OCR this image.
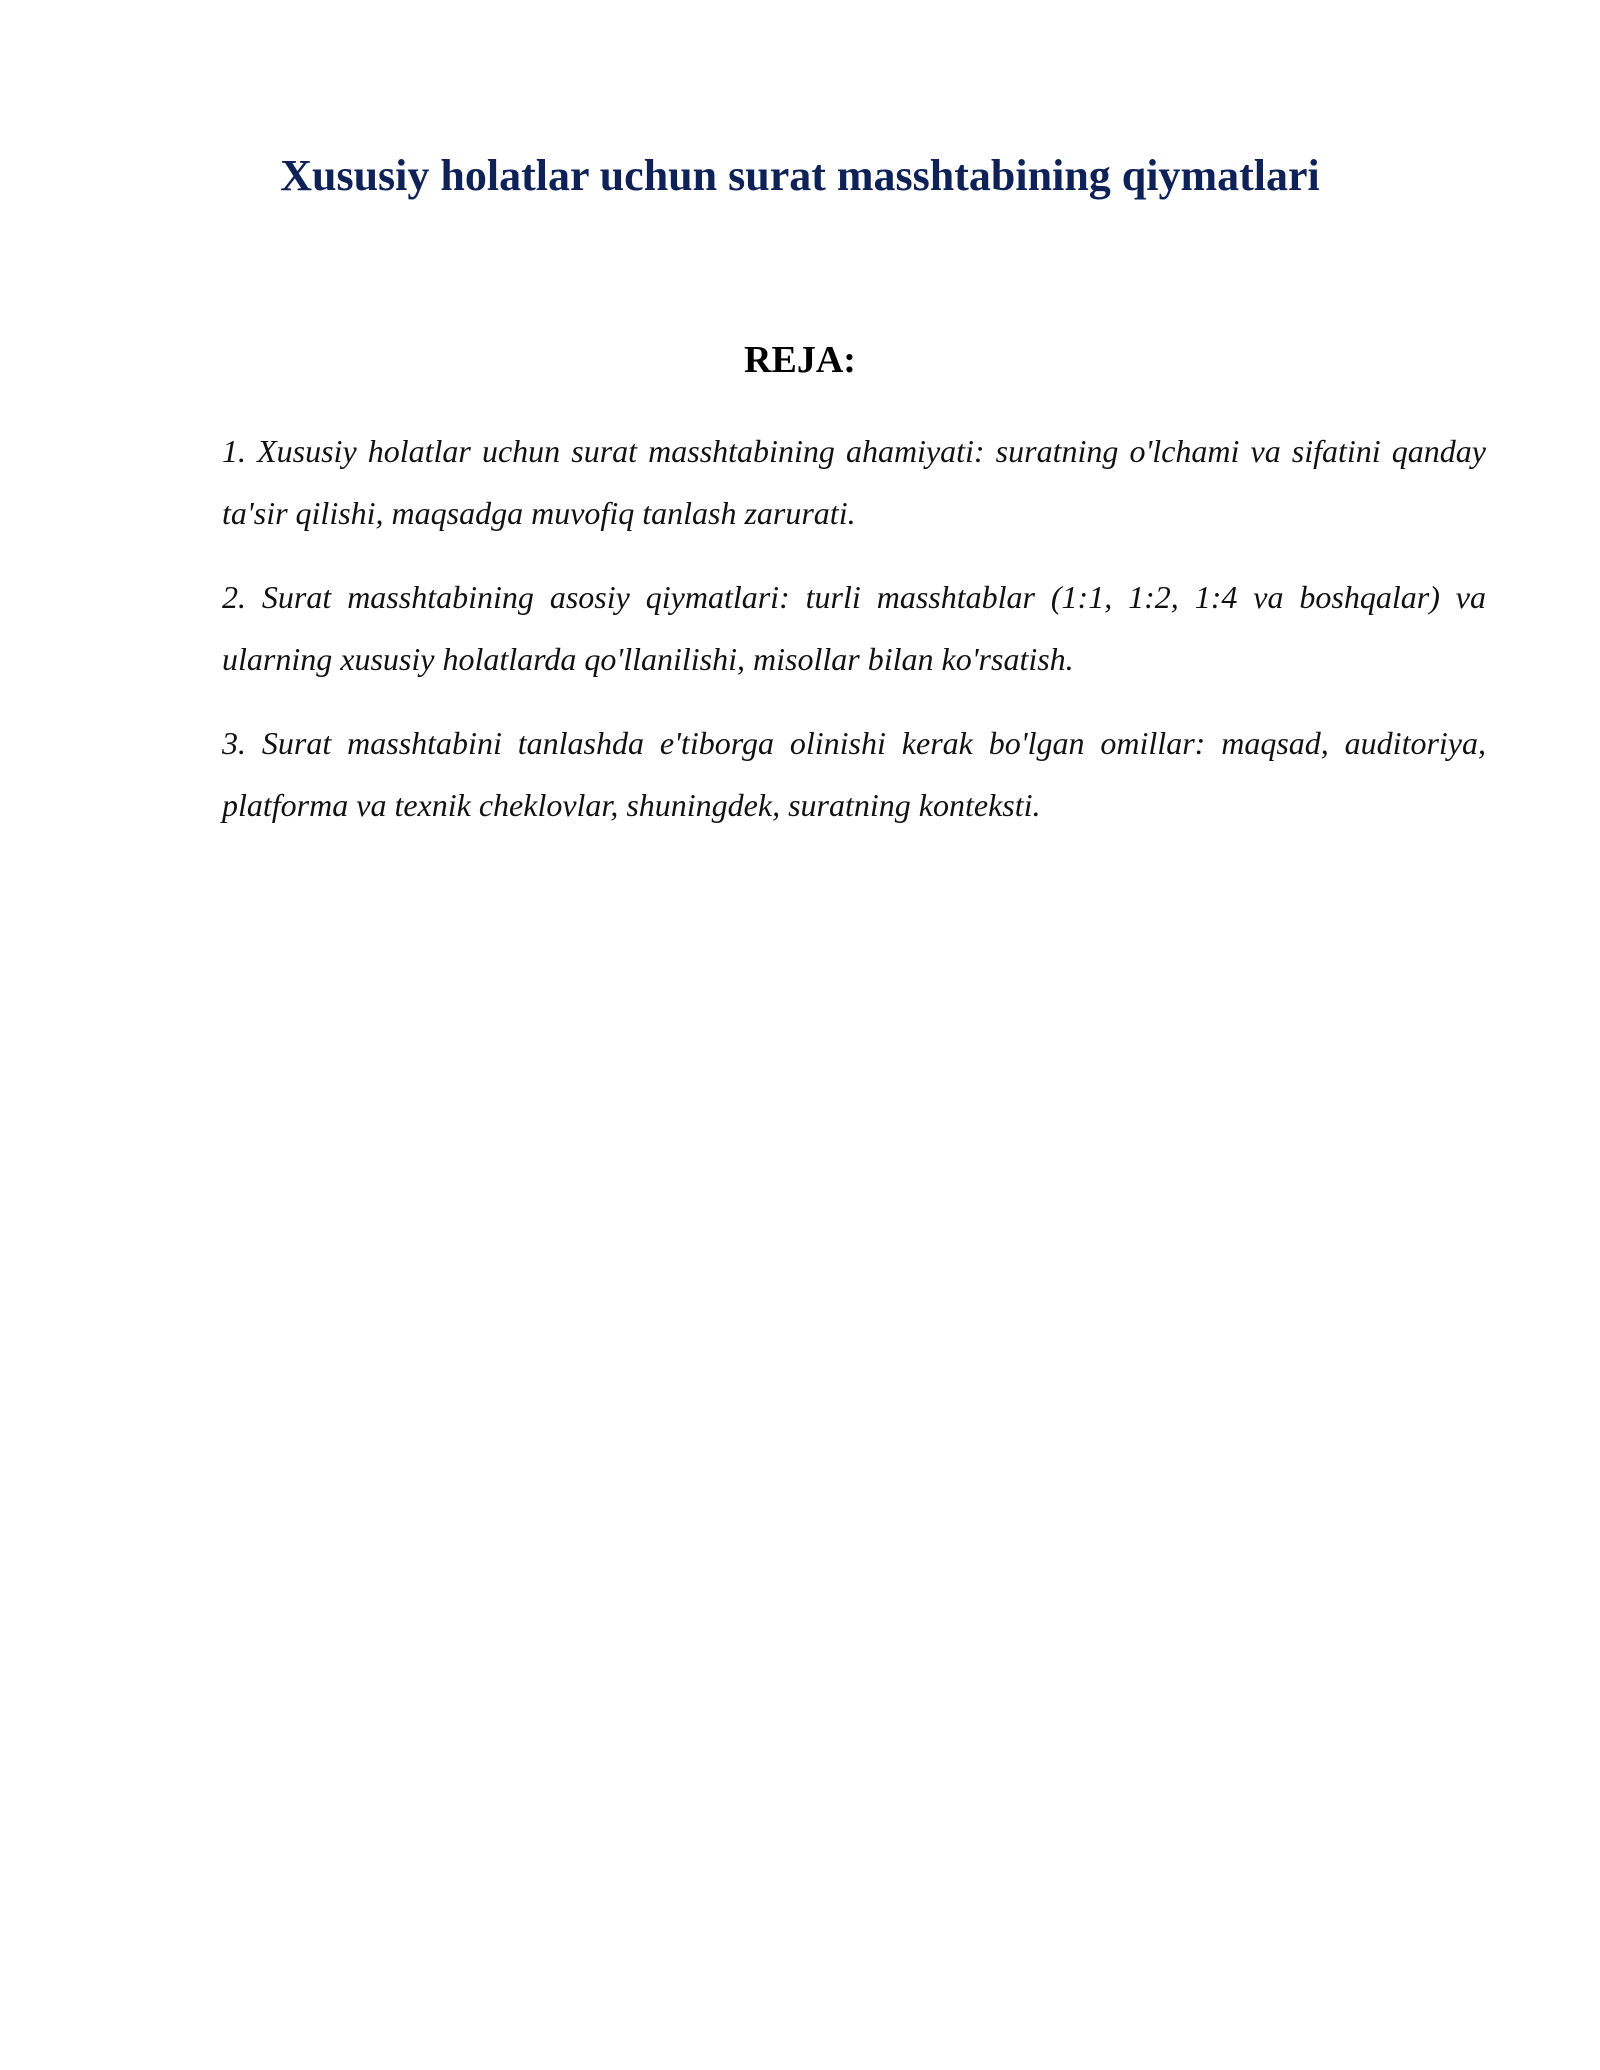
Xususiy holatlar uchun surat masshtabining qiymatlari
REJA:
1. Xususiy holatlar uchun surat masshtabining ahamiyati: suratning o'lchami va sifatini qanday ta'sir qilishi, maqsadga muvofiq tanlash zarurati.
2. Surat masshtabining asosiy qiymatlari: turli masshtablar (1:1, 1:2, 1:4 va boshqalar) va ularning xususiy holatlarda qo'llanilishi, misollar bilan ko'rsatish.
3. Surat masshtabini tanlashda e'tiborga olinishi kerak bo'lgan omillar: maqsad, auditoriya, platforma va texnik cheklovlar, shuningdek, suratning konteksti.
